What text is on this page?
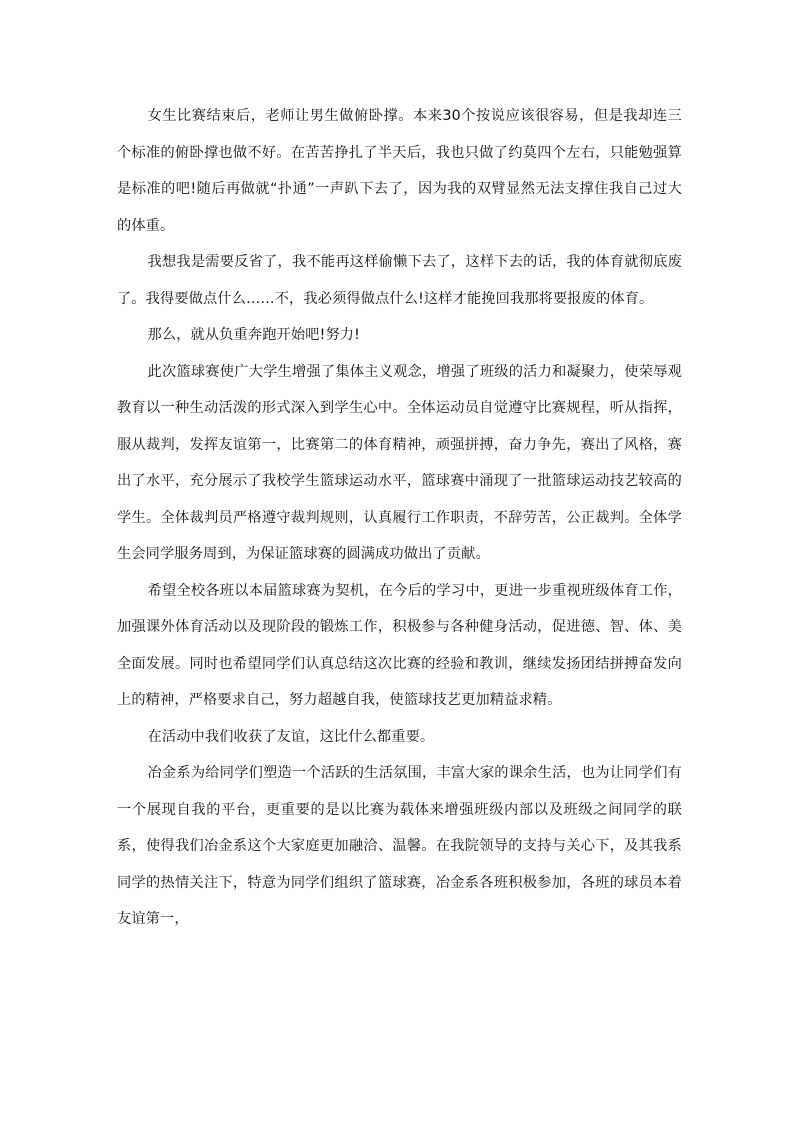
女生比赛结束后，老师让男生做俯卧撑。本来30个按说应该很容易，但是我却连三个标准的俯卧撑也做不好。在苦苦挣扎了半天后，我也只做了约莫四个左右，只能勉强算是标准的吧!随后再做就“扑通”一声趴下去了，因为我的双臂显然无法支撑住我自己过大的体重。

我想我是需要反省了，我不能再这样偷懒下去了，这样下去的话，我的体育就彻底废了。我得要做点什么……不，我必须得做点什么!这样才能挽回我那将要报废的体育。

那么，就从负重奔跑开始吧!努力!

此次篮球赛使广大学生增强了集体主义观念，增强了班级的活力和凝聚力，使荣辱观教育以一种生动活泼的形式深入到学生心中。全体运动员自觉遵守比赛规程，听从指挥，服从裁判，发挥友谊第一，比赛第二的体育精神，顽强拼搏，奋力争先，赛出了风格，赛出了水平，充分展示了我校学生篮球运动水平，篮球赛中涌现了一批篮球运动技艺较高的学生。全体裁判员严格遵守裁判规则，认真履行工作职责，不辞劳苦，公正裁判。全体学生会同学服务周到，为保证篮球赛的圆满成功做出了贡献。

希望全校各班以本届篮球赛为契机，在今后的学习中，更进一步重视班级体育工作，加强课外体育活动以及现阶段的锻炼工作，积极参与各种健身活动，促进德、智、体、美全面发展。同时也希望同学们认真总结这次比赛的经验和教训，继续发扬团结拼搏奋发向上的精神，严格要求自己，努力超越自我，使篮球技艺更加精益求精。

在活动中我们收获了友谊，这比什么都重要。

冶金系为给同学们塑造一个活跃的生活氛围，丰富大家的课余生活，也为让同学们有一个展现自我的平台，更重要的是以比赛为载体来增强班级内部以及班级之间同学的联系，使得我们冶金系这个大家庭更加融洽、温馨。在我院领导的支持与关心下，及其我系同学的热情关注下，特意为同学们组织了篮球赛，冶金系各班积极参加，各班的球员本着友谊第一，
